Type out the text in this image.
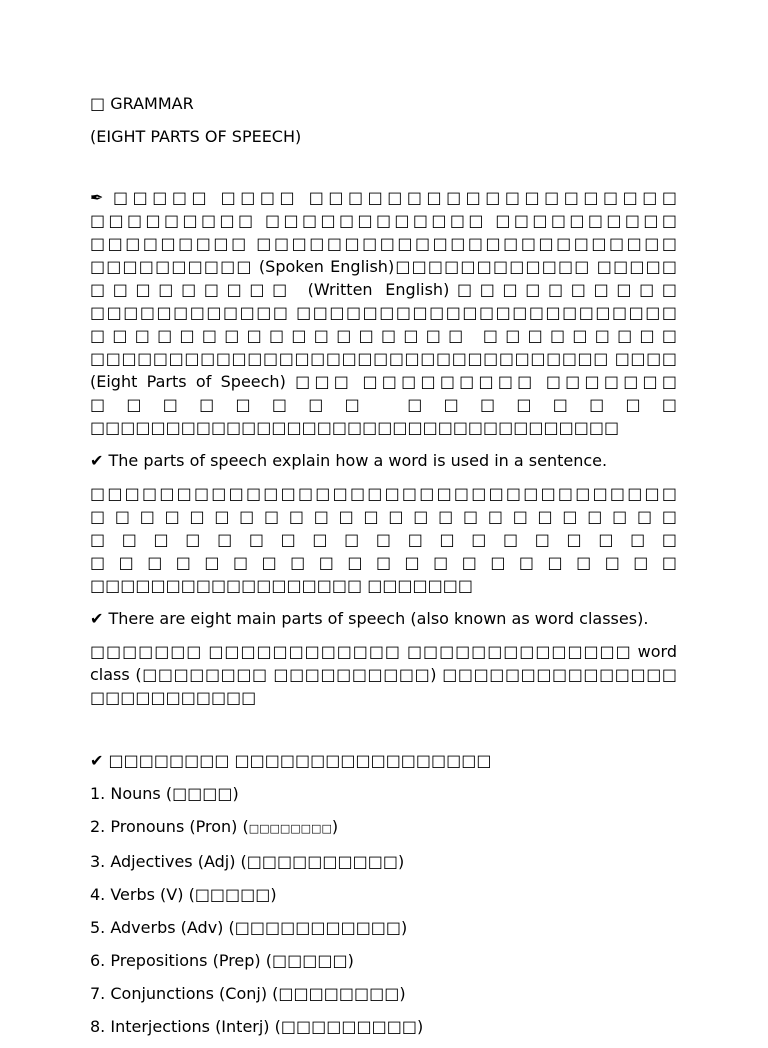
□ GRAMMAR

(EIGHT PARTS OF SPEECH)

✒ □□□□□ □□□□ □□□□□□□□□□□□□□□□□□□ □□□□□□□□□ □□□□□□□□□□□□ □□□□□□□□□□ □□□□□□□□□ □□□□□□□□□□□□□□□□□□□□□□□□ □□□□□□□□□□ (Spoken English)□□□□□□□□□□□□ □□□□□ □□□□□□□□□ (Written English)□□□□□□□□□□ □□□□□□□□□□□□ □□□□□□□□□□□□□□□□□□□□□□□ □□□□□□□□□□□□□□□□□ □□□□□□□□□ □□□□□□□□□□□□□□□□□□□□□□□□□□□□□□□□□ □□□□ (Eight Parts of Speech) □□□ □□□□□□□□□ □□□□□□□ □□□□□□□□ □□□□□□□□ □□□□□□□□□□□□□□□□□□□□□□□□□□□□□□□□□□□

✔ The parts of speech explain how a word is used in a sentence.

□□□□□□□□□□□□□□□□□□□□□□□□□□□□□□□□□□ □□□□□□□□□□□□□□□□□□□□□□□□ □□□□□□□□□□□□□□□□□□□ □□□□□□□□□□□□□□□□□□□□□ □□□□□□□□□□□□□□□□□□ □□□□□□□

✔ There are eight main parts of speech (also known as word classes).

□□□□□□□ □□□□□□□□□□□□ □□□□□□□□□□□□□□ word class (□□□□□□□□ □□□□□□□□□□) □□□□□□□□□□□□□□□ □□□□□□□□□□□

✔ □□□□□□□□ □□□□□□□□□□□□□□□□□

1. Nouns (□□□□)
2. Pronouns (Pron) (□□□□□□□□)
3. Adjectives (Adj) (□□□□□□□□□□)
4. Verbs (V) (□□□□□)
5. Adverbs (Adv) (□□□□□□□□□□□)
6. Prepositions (Prep) (□□□□□)
7. Conjunctions (Conj) (□□□□□□□□)
8. Interjections (Interj) (□□□□□□□□□)
